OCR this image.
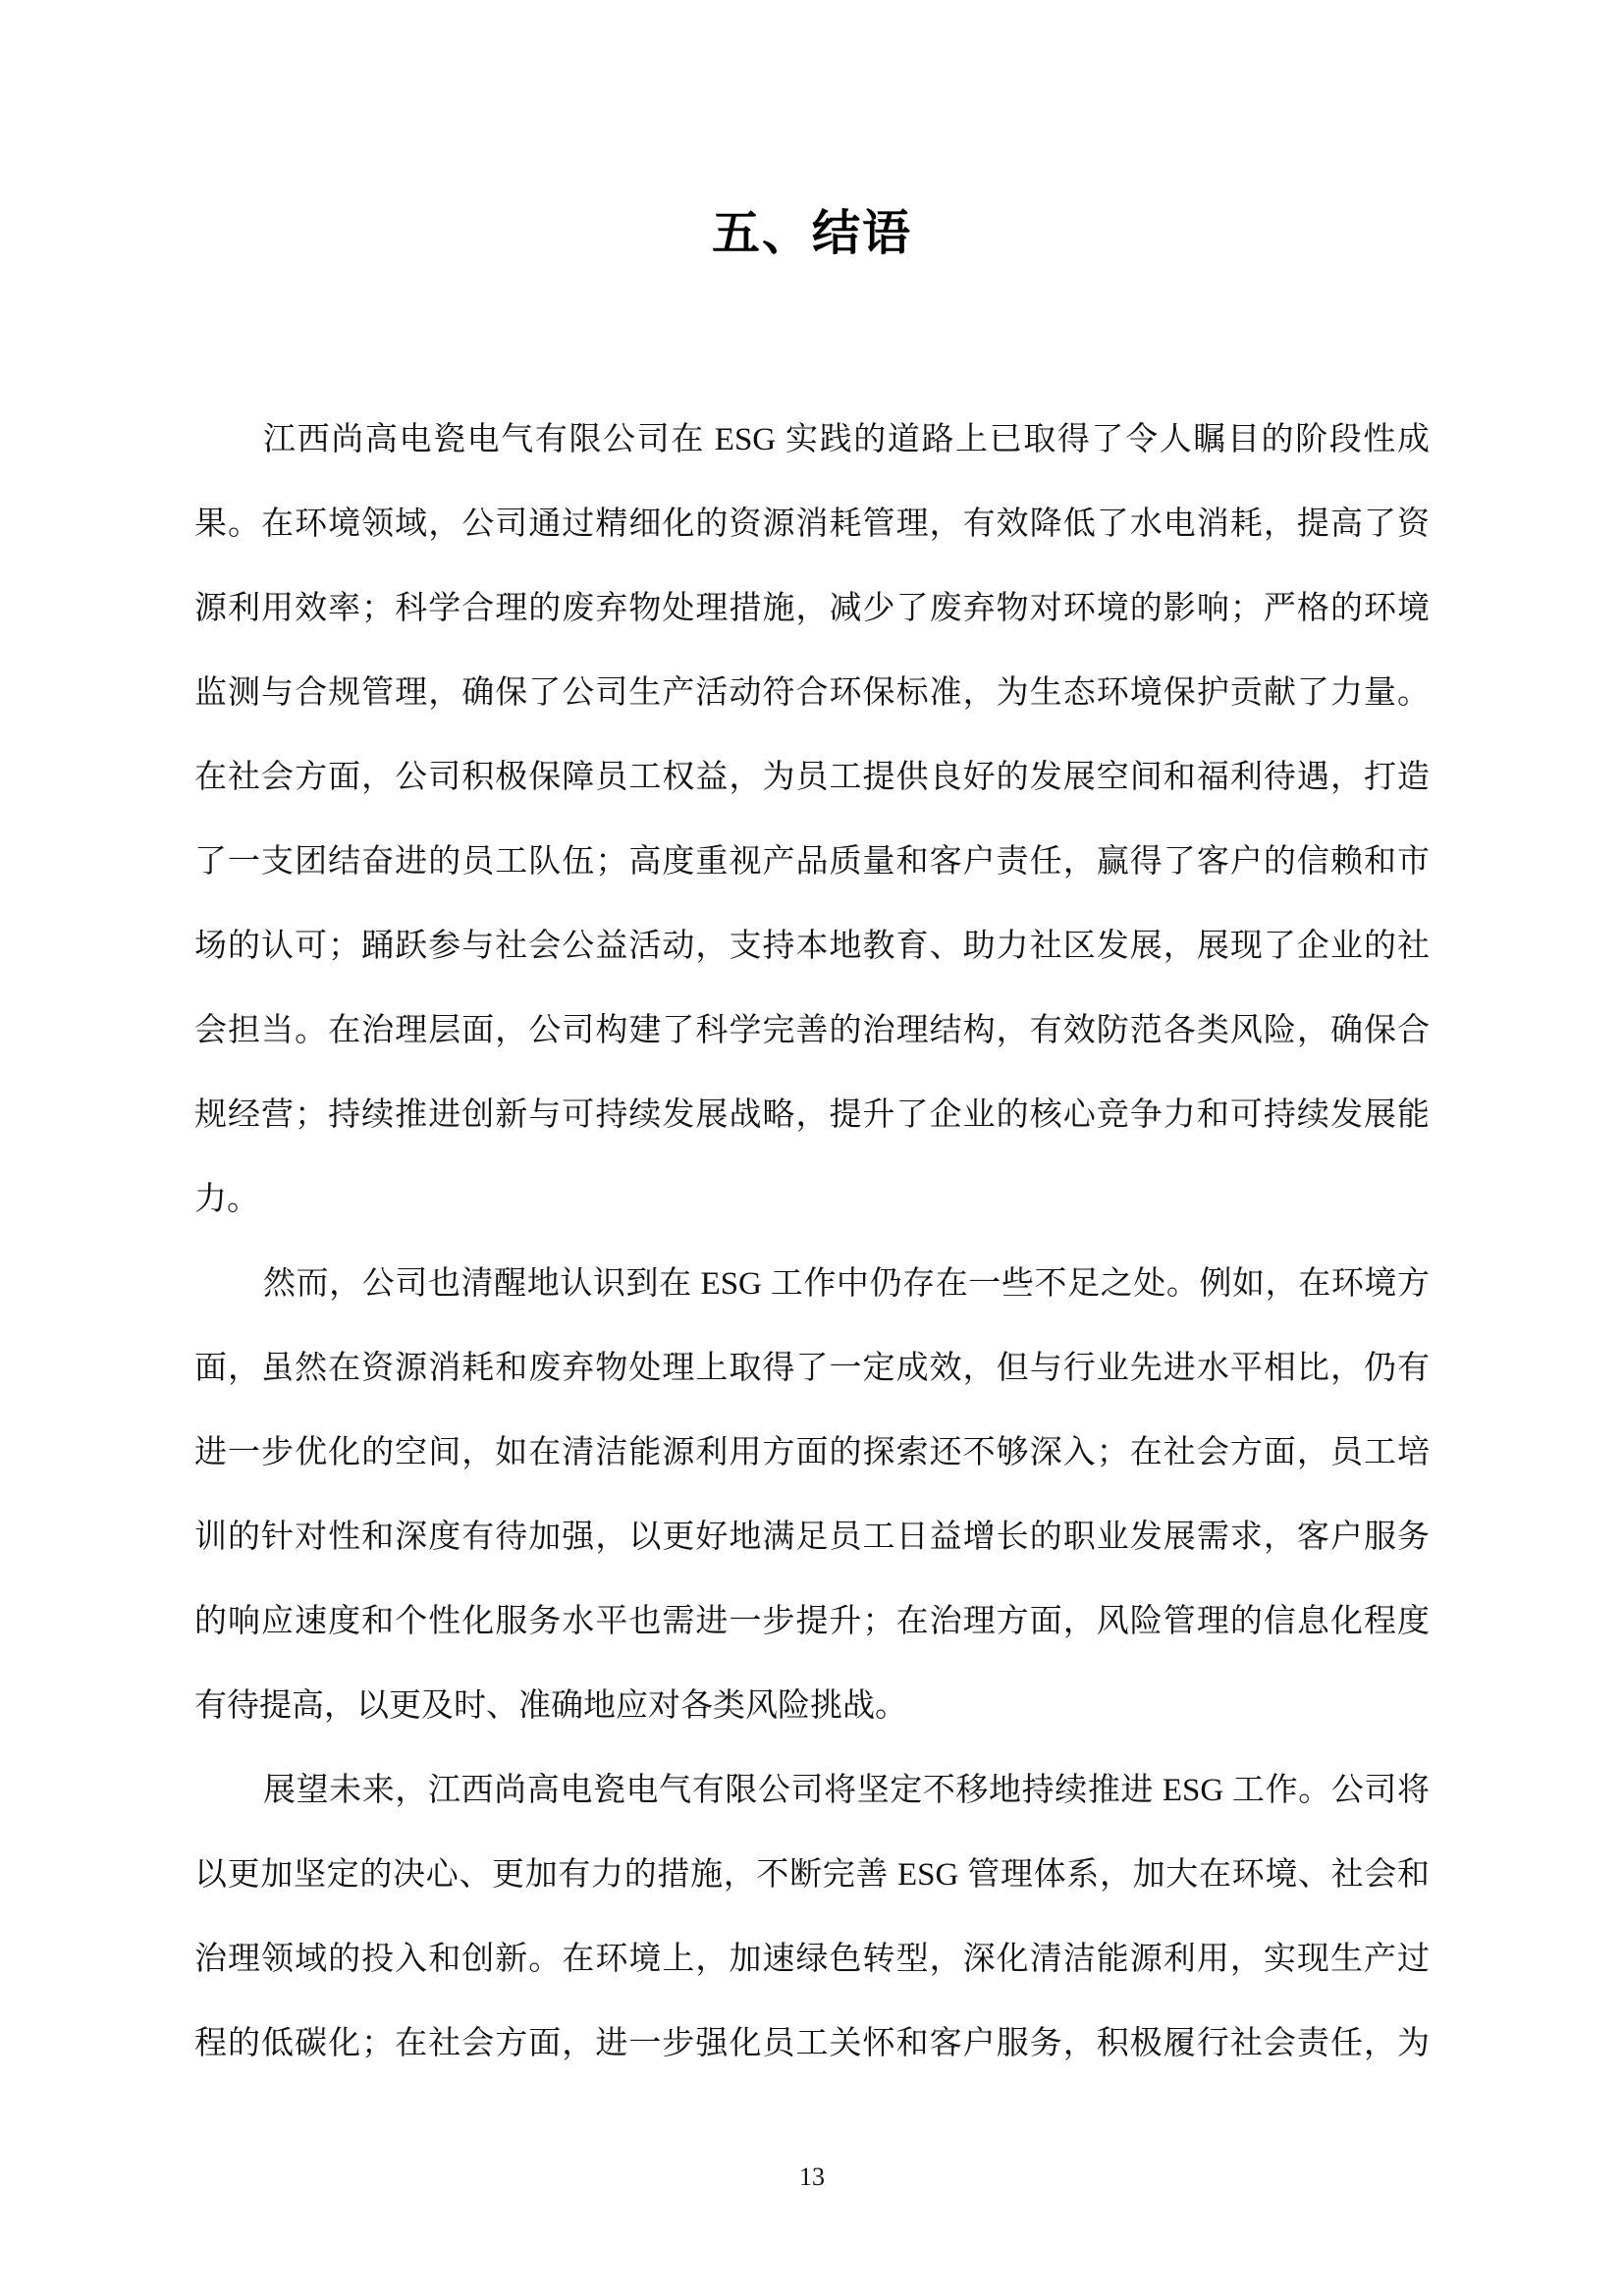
五、结语
江西尚高电瓷电气有限公司在 ESG 实践的道路上已取得了令人瞩目的阶段性成
果。在环境领域，公司通过精细化的资源消耗管理，有效降低了水电消耗，提高了资
源利用效率；科学合理的废弃物处理措施，减少了废弃物对环境的影响；严格的环境
监测与合规管理，确保了公司生产活动符合环保标准，为生态环境保护贡献了力量。
在社会方面，公司积极保障员工权益，为员工提供良好的发展空间和福利待遇，打造
了一支团结奋进的员工队伍；高度重视产品质量和客户责任，赢得了客户的信赖和市
场的认可；踊跃参与社会公益活动，支持本地教育、助力社区发展，展现了企业的社
会担当。在治理层面，公司构建了科学完善的治理结构，有效防范各类风险，确保合
规经营；持续推进创新与可持续发展战略，提升了企业的核心竞争力和可持续发展能
力。
然而，公司也清醒地认识到在 ESG 工作中仍存在一些不足之处。例如，在环境方
面，虽然在资源消耗和废弃物处理上取得了一定成效，但与行业先进水平相比，仍有
进一步优化的空间，如在清洁能源利用方面的探索还不够深入；在社会方面，员工培
训的针对性和深度有待加强，以更好地满足员工日益增长的职业发展需求，客户服务
的响应速度和个性化服务水平也需进一步提升；在治理方面，风险管理的信息化程度
有待提高，以更及时、准确地应对各类风险挑战。
展望未来，江西尚高电瓷电气有限公司将坚定不移地持续推进 ESG 工作。公司将
以更加坚定的决心、更加有力的措施，不断完善 ESG 管理体系，加大在环境、社会和
治理领域的投入和创新。在环境上，加速绿色转型，深化清洁能源利用，实现生产过
程的低碳化；在社会方面，进一步强化员工关怀和客户服务，积极履行社会责任，为
13
